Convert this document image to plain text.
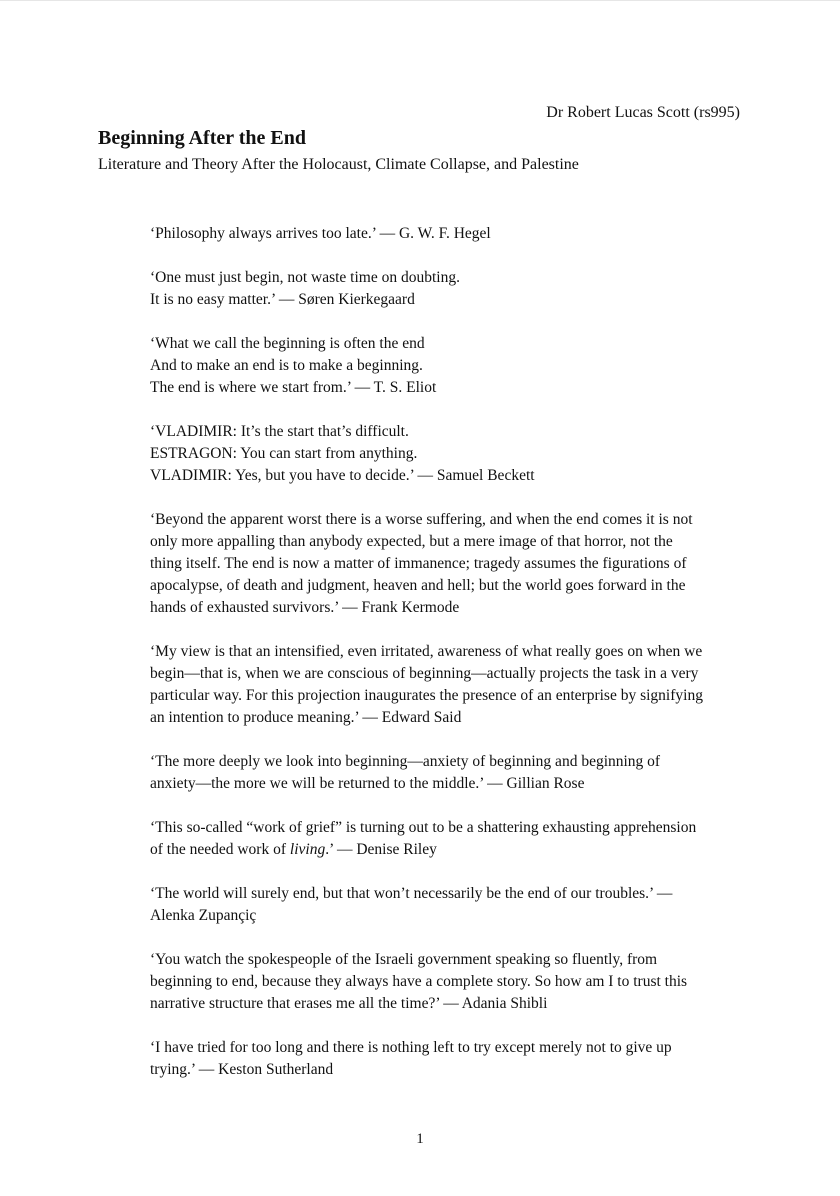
Dr Robert Lucas Scott (rs995)
Beginning After the End
Literature and Theory After the Holocaust, Climate Collapse, and Palestine

‘Philosophy always arrives too late.’ — G. W. F. Hegel

‘One must just begin, not waste time on doubting.
It is no easy matter.’ — Søren Kierkegaard

‘What we call the beginning is often the end
And to make an end is to make a beginning.
The end is where we start from.’ — T. S. Eliot

‘VLADIMIR: It’s the start that’s difficult.
ESTRAGON: You can start from anything.
VLADIMIR: Yes, but you have to decide.’ — Samuel Beckett

‘Beyond the apparent worst there is a worse suffering, and when the end comes it is not
only more appalling than anybody expected, but a mere image of that horror, not the
thing itself. The end is now a matter of immanence; tragedy assumes the figurations of
apocalypse, of death and judgment, heaven and hell; but the world goes forward in the
hands of exhausted survivors.’ — Frank Kermode

‘My view is that an intensified, even irritated, awareness of what really goes on when we
begin—that is, when we are conscious of beginning—actually projects the task in a very
particular way. For this projection inaugurates the presence of an enterprise by signifying
an intention to produce meaning.’ — Edward Said

‘The more deeply we look into beginning—anxiety of beginning and beginning of
anxiety—the more we will be returned to the middle.’ — Gillian Rose

‘This so-called “work of grief” is turning out to be a shattering exhausting apprehension
of the needed work of living.’ — Denise Riley

‘The world will surely end, but that won’t necessarily be the end of our troubles.’ —
Alenka Zupançiç

‘You watch the spokespeople of the Israeli government speaking so fluently, from
beginning to end, because they always have a complete story. So how am I to trust this
narrative structure that erases me all the time?’ — Adania Shibli

‘I have tried for too long and there is nothing left to try except merely not to give up
trying.’ — Keston Sutherland

1
